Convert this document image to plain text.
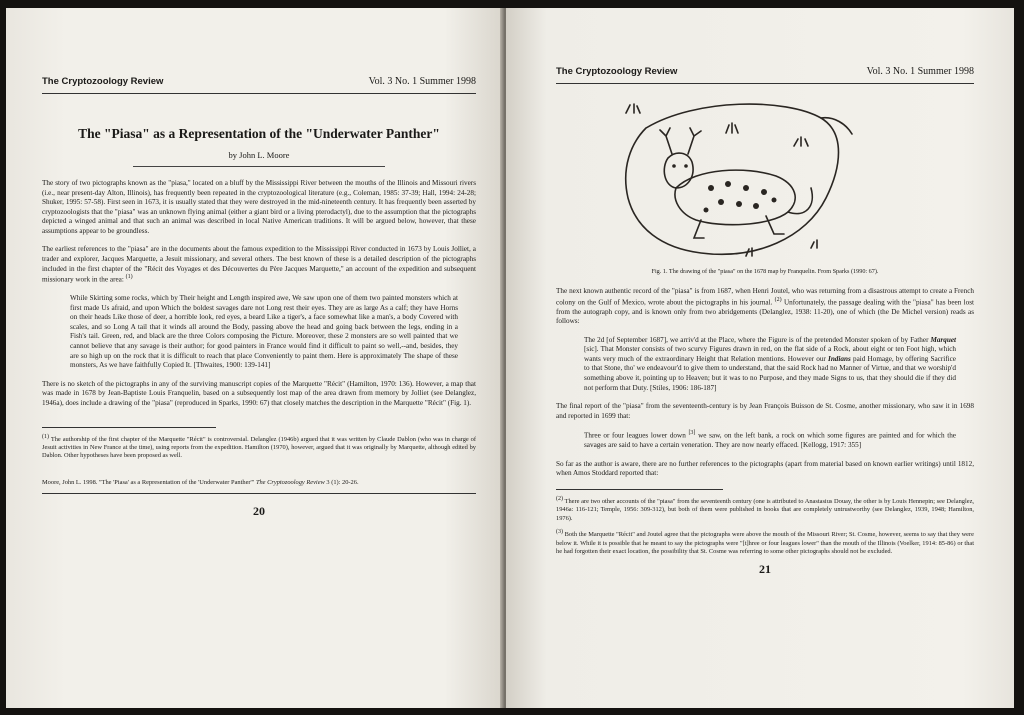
The Cryptozoology Review	Vol. 3 No. 1 Summer 1998
The "Piasa" as a Representation of the "Underwater Panther"
by John L. Moore

The story of two pictographs known as the "piasa," located on a bluff by the Mississippi River between the mouths of the Illinois and Missouri rivers (i.e., near present-day Alton, Illinois), has frequently been repeated in the cryptozoological literature (e.g., Coleman, 1985: 37-39; Hall, 1994: 24-28; Shuker, 1995: 57-58). First seen in 1673, it is usually stated that they were destroyed in the mid-nineteenth century. It has frequently been asserted by cryptozoologists that the "piasa" was an unknown flying animal (either a giant bird or a living pterodactyl), due to the assumption that the pictographs depicted a winged animal and that such an animal was described in local Native American traditions. It will be argued below, however, that these assumptions appear to be groundless.

The earliest references to the "piasa" are in the documents about the famous expedition to the Mississippi River conducted in 1673 by Louis Jolliet, a trader and explorer, Jacques Marquette, a Jesuit missionary, and several others. The best known of these is a detailed description of the pictographs included in the first chapter of the "Récit des Voyages et des Découvertes du Père Jacques Marquette," an account of the expedition and subsequent missionary work in the area: $^{(1)}$

While Skirting some rocks, which by Their height and Length inspired awe, We saw upon one of them two painted monsters which at first made Us afraid, and upon Which the boldest savages dare not Long rest their eyes. They are as large As a calf; they have Horns on their heads Like those of deer, a horrible look, red eyes, a beard Like a tiger's, a face somewhat like a man's, a body Covered with scales, and so Long A tail that it winds all around the Body, passing above the head and going back between the legs, ending in a Fish's tail. Green, red, and black are the three Colors composing the Picture. Moreover, these 2 monsters are so well painted that we cannot believe that any savage is their author; for good painters in France would find it difficult to paint so well,--and, besides, they are so high up on the rock that it is difficult to reach that place Conveniently to paint them. Here is approximately The shape of these monsters, As we have faithfully Copied It. [Thwaites, 1900: 139-141]

There is no sketch of the pictographs in any of the surviving manuscript copies of the Marquette "Récit" (Hamilton, 1970: 136). However, a map that was made in 1678 by Jean-Baptiste Louis Franquelin, based on a subsequently lost map of the area drawn from memory by Jolliet (see Delanglez, 1946a), does include a drawing of the "piasa" (reproduced in Sparks, 1990: 67) that closely matches the description in the Marquette "Récit" (Fig. 1).

$^{(1)}$ The authorship of the first chapter of the Marquette "Récit" is controversial. Delanglez (1946b) argued that it was written by Claude Dablon (who was in charge of Jesuit activities in New France at the time), using reports from the expedition. Hamilton (1970), however, argued that it was originally by Marquette, although edited by Dablon. Other hypotheses have been proposed as well.

Moore, John L. 1998. "The 'Piasa' as a Representation of the 'Underwater Panther'" The Cryptozoology Review 3 (1): 20-26.
20
The Cryptozoology Review	Vol. 3 No. 1 Summer 1998
Fig. 1. The drawing of the "piasa" on the 1678 map by Franquelin. From Sparks (1990: 67).

The next known authentic record of the "piasa" is from 1687, when Henri Joutel, who was returning from a disastrous attempt to create a French colony on the Gulf of Mexico, wrote about the pictographs in his journal. $^{(2)}$ Unfortunately, the passage dealing with the "piasa" has been lost from the autograph copy, and is known only from two abridgements (Delanglez, 1938: 11-20), one of which (the De Michel version) reads as follows:

The 2d [of September 1687], we arriv'd at the Place, where the Figure is of the pretended Monster spoken of by Father Marquet [sic]. That Monster consists of two scurvy Figures drawn in red, on the flat side of a Rock, about eight or ten Foot high, which wants very much of the extraordinary Height that Relation mentions. However our Indians paid Homage, by offering Sacrifice to that Stone, tho' we endeavour'd to give them to understand, that the said Rock had no Manner of Virtue, and that we worship'd something above it, pointing up to Heaven; but it was to no Purpose, and they made Signs to us, that they should die if they did not perform that Duty. [Stiles, 1906: 186-187]

The final report of the "piasa" from the seventeenth-century is by Jean François Buisson de St. Cosme, another missionary, who saw it in 1698 and reported in 1699 that:

Three or four leagues lower down [3] we saw, on the left bank, a rock on which some figures are painted and for which the savages are said to have a certain veneration. They are now nearly effaced. [Kellogg, 1917: 355]

So far as the author is aware, there are no further references to the pictographs (apart from material based on known earlier writings) until 1812, when Amos Stoddard reported that:

$^{(2)}$ There are two other accounts of the "piasa" from the seventeenth century (one is attributed to Anastasius Douay, the other is by Louis Hennepin; see Delanglez, 1946a: 116-121; Temple, 1956: 309-312), but both of them were published in books that are completely untrustworthy (see Delanglez, 1939, 1948; Hamilton, 1976).

$^{(3)}$ Both the Marquette "Récit" and Joutel agree that the pictographs were above the mouth of the Missouri River; St. Cosme, however, seems to say that they were below it. While it is possible that he meant to say the pictographs were "[t]hree or four leagues lower" than the mouth of the Illinois (Voelker, 1914: 85-86) or that he had forgotten their exact location, the possibility that St. Cosme was referring to some other pictographs should not be excluded.

21
